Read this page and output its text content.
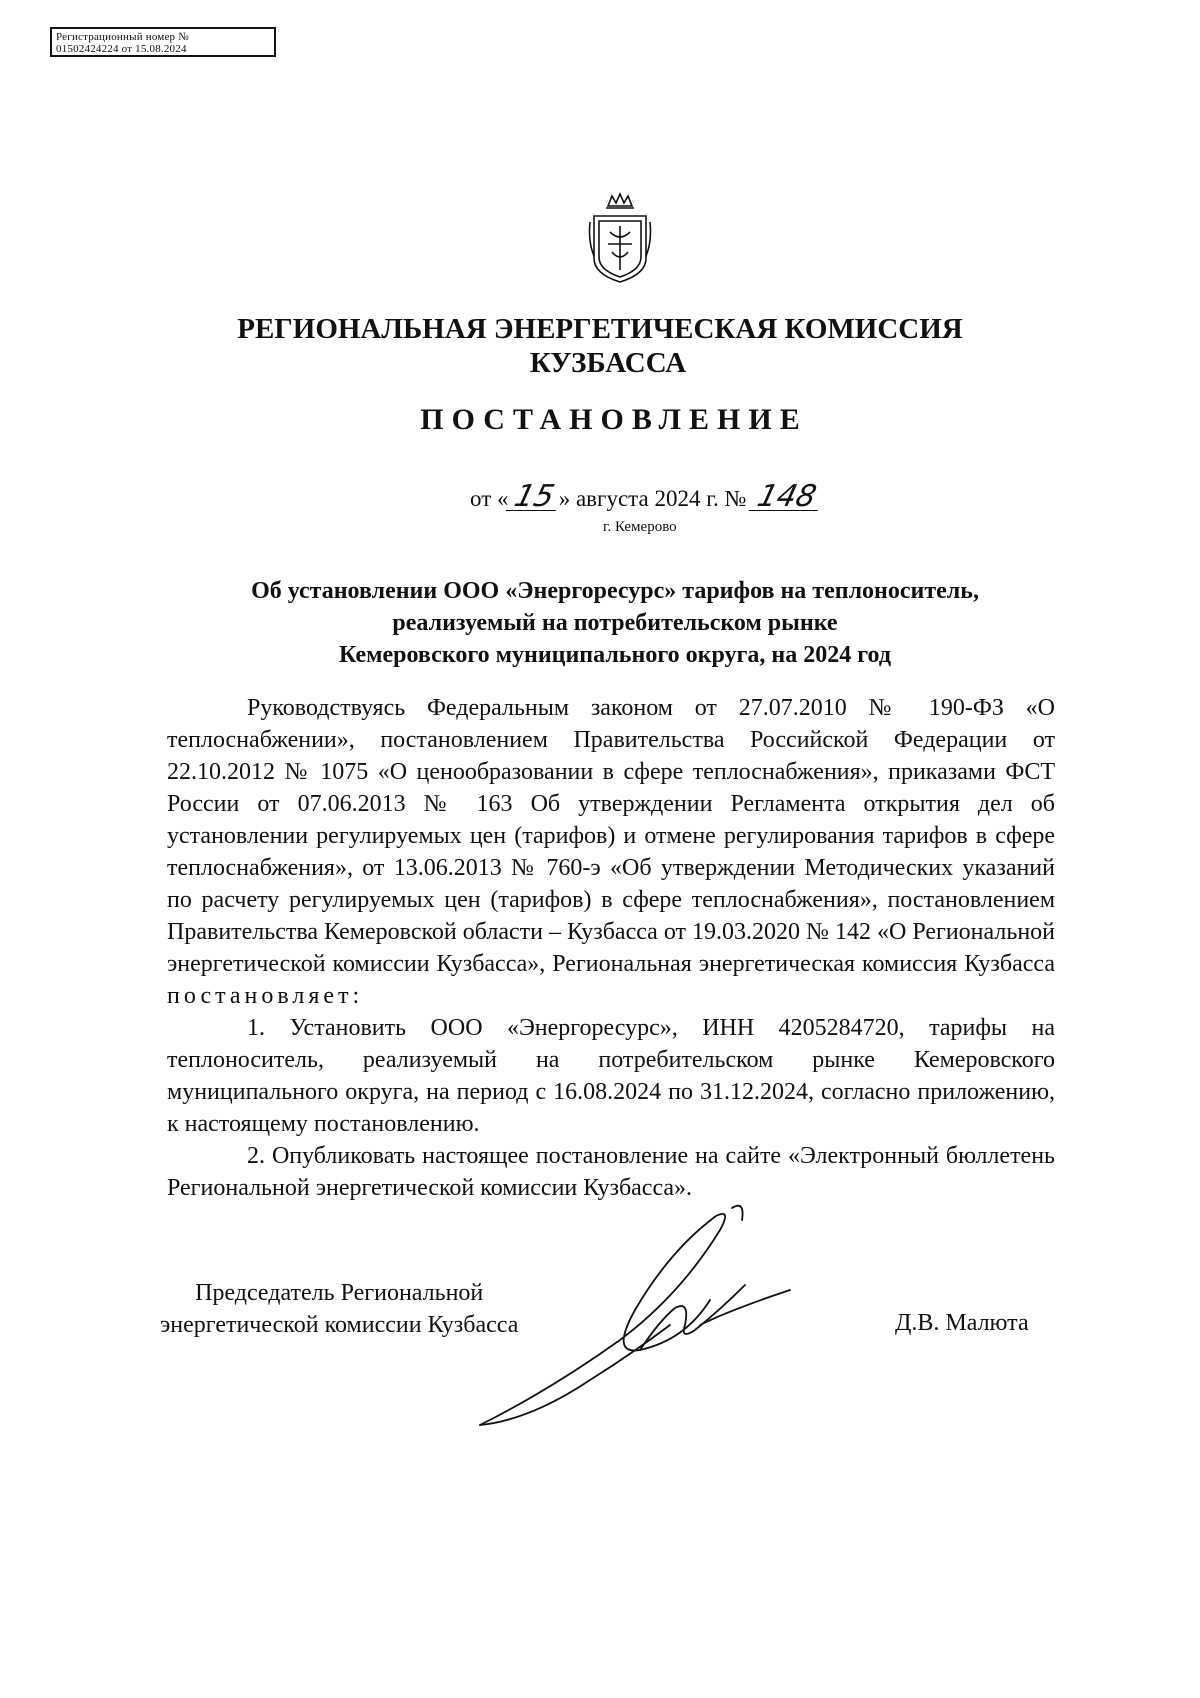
Регистрационный номер №
01502424224 от 15.08.2024
РЕГИОНАЛЬНАЯ ЭНЕРГЕТИЧЕСКАЯ КОМИССИЯ
КУЗБАССА
ПОСТАНОВЛЕНИЕ
от «15» августа 2024 г. № 148
г. Кемерово
Об установлении ООО «Энергоресурс» тарифов на теплоноситель,
реализуемый на потребительском рынке
Кемеровского муниципального округа, на 2024 год

Руководствуясь Федеральным законом от 27.07.2010 № 190-ФЗ «О теплоснабжении», постановлением Правительства Российской Федерации от 22.10.2012 № 1075 «О ценообразовании в сфере теплоснабжения», приказами ФСТ России от 07.06.2013 № 163 Об утверждении Регламента открытия дел об установлении регулируемых цен (тарифов) и отмене регулирования тарифов в сфере теплоснабжения», от 13.06.2013 № 760-э «Об утверждении Методических указаний по расчету регулируемых цен (тарифов) в сфере теплоснабжения», постановлением Правительства Кемеровской области – Кузбасса от 19.03.2020 № 142 «О Региональной энергетической комиссии Кузбасса», Региональная энергетическая комиссия Кузбасса постановляет:

1. Установить ООО «Энергоресурс», ИНН 4205284720, тарифы на теплоноситель, реализуемый на потребительском рынке Кемеровского муниципального округа, на период с 16.08.2024 по 31.12.2024, согласно приложению, к настоящему постановлению.

2. Опубликовать настоящее постановление на сайте «Электронный бюллетень Региональной энергетической комиссии Кузбасса».

Председатель Региональной
энергетической комиссии Кузбасса	Д.В. Малюта
